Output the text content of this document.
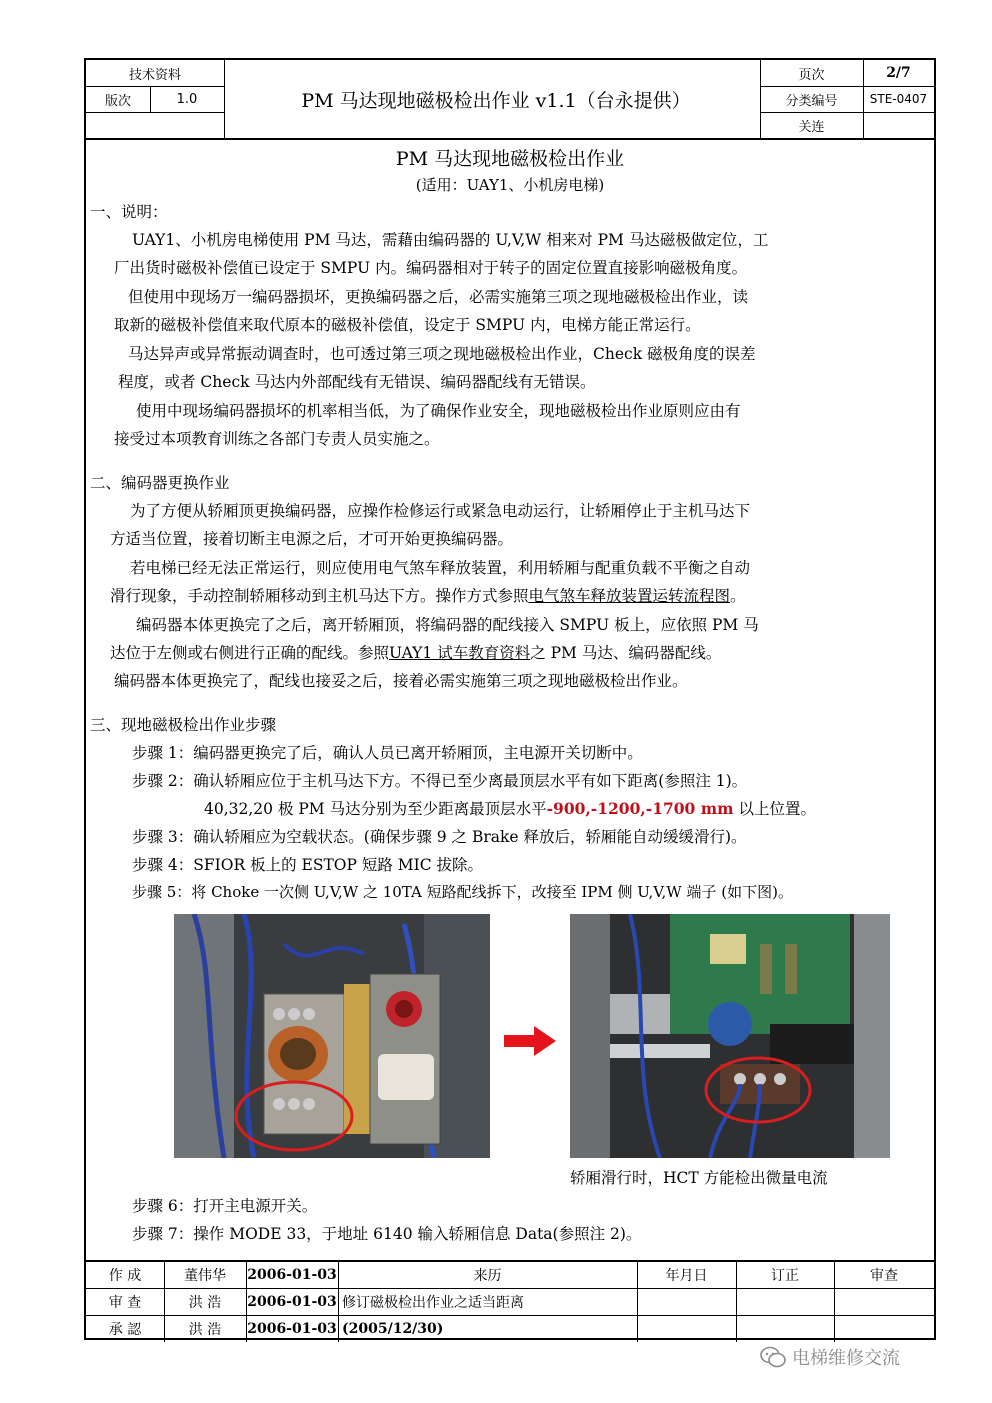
技术资料
版次	1.0	PM 马达现地磁极检出作业 v1.1（台永提供）
页次	2/7
分类编号	STE-0407
关连
PM 马达现地磁极检出作业
(适用：UAY1、小机房电梯)
一、说明：
UAY1、小机房电梯使用 PM 马达，需藉由编码器的 U,V,W 相来对 PM 马达磁极做定位，工
厂出货时磁极补偿值已设定于 SMPU 内。编码器相对于转子的固定位置直接影响磁极角度。
但使用中现场万一编码器损坏，更换编码器之后，必需实施第三项之现地磁极检出作业，读
取新的磁极补偿值来取代原本的磁极补偿值，设定于 SMPU 内，电梯方能正常运行。
马达异声或异常振动调查时，也可透过第三项之现地磁极检出作业，Check 磁极角度的误差
程度，或者 Check 马达内外部配线有无错误、编码器配线有无错误。
使用中现场编码器损坏的机率相当低，为了确保作业安全，现地磁极检出作业原则应由有
接受过本项教育训练之各部门专责人员实施之。
二、编码器更换作业
为了方便从轿厢顶更换编码器，应操作检修运行或紧急电动运行，让轿厢停止于主机马达下
方适当位置，接着切断主电源之后，才可开始更换编码器。
若电梯已经无法正常运行，则应使用电气煞车释放装置，利用轿厢与配重负载不平衡之自动
滑行现象，手动控制轿厢移动到主机马达下方。操作方式参照电气煞车释放装置运转流程图。
编码器本体更换完了之后，离开轿厢顶，将编码器的配线接入 SMPU 板上，应依照 PM 马
达位于左侧或右侧进行正确的配线。参照UAY1 试车教育资料之 PM 马达、编码器配线。
编码器本体更换完了，配线也接妥之后，接着必需实施第三项之现地磁极检出作业。
三、现地磁极检出作业步骤
步骤 1：编码器更换完了后，确认人员已离开轿厢顶，主电源开关切断中。
步骤 2：确认轿厢应位于主机马达下方。不得已至少离最顶层水平有如下距离(参照注 1)。
40,32,20 极 PM 马达分别为至少距离最顶层水平-900,-1200,-1700 mm 以上位置。
步骤 3：确认轿厢应为空载状态。(确保步骤 9 之 Brake 释放后，轿厢能自动缓缓滑行)。
步骤 4：SFIOR 板上的 ESTOP 短路 MIC 拔除。
步骤 5：将 Choke 一次侧 U,V,W 之 10TA 短路配线拆下，改接至 IPM 侧 U,V,W 端子 (如下图)。
轿厢滑行时，HCT 方能检出微量电流
步骤 6：打开主电源开关。
步骤 7：操作 MODE 33，于地址 6140 输入轿厢信息 Data(参照注 2)。
作 成	董伟华	2006-01-03	来历	年月日	订正	审查
审 查	洪 浩	2006-01-03 修订磁极检出作业之适当距离
承 認	洪 浩	2006-01-03 (2005/12/30)
电梯维修交流
